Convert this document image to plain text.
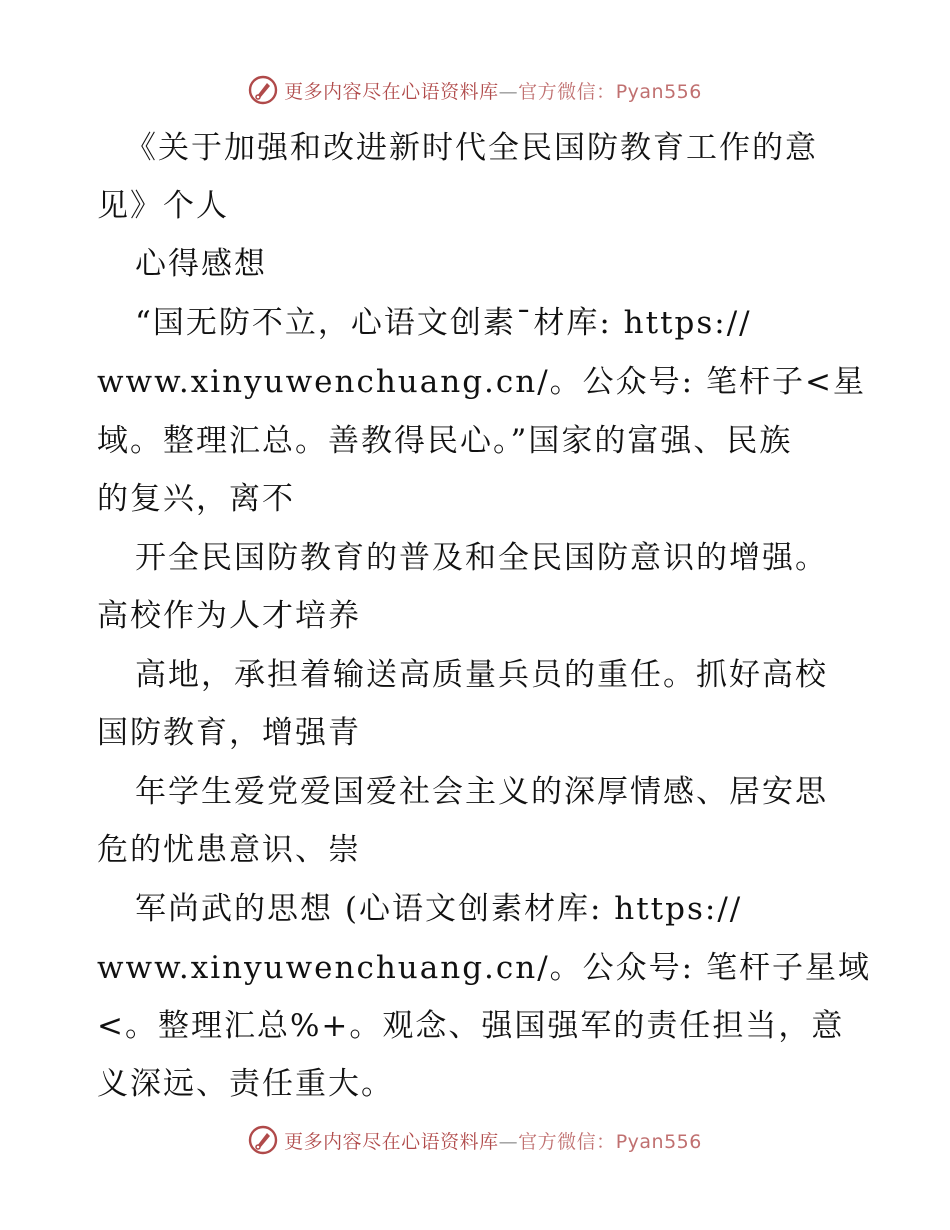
更多内容尽在心语资料库—官方微信：Pyan556
《关于加强和改进新时代全民国防教育工作的意
见》个人
心得感想
“国无防不立，心语文创素¯材库: https://
www.xinyuwenchuang.cn/。公众号: 笔杆子<星
域。整理汇总。善教得民心。”国家的富强、民族
的复兴，离不
开全民国防教育的普及和全民国防意识的增强。
高校作为人才培养
高地，承担着输送高质量兵员的重任。抓好高校
国防教育，增强青
年学生爱党爱国爱社会主义的深厚情感、居安思
危的忧患意识、崇
军尚武的思想 (心语文创素材库: https://
www.xinyuwenchuang.cn/。公众号: 笔杆子星域
<。整理汇总%+。观念、强国强军的责任担当，意
义深远、责任重大。
更多内容尽在心语资料库—官方微信：Pyan556
